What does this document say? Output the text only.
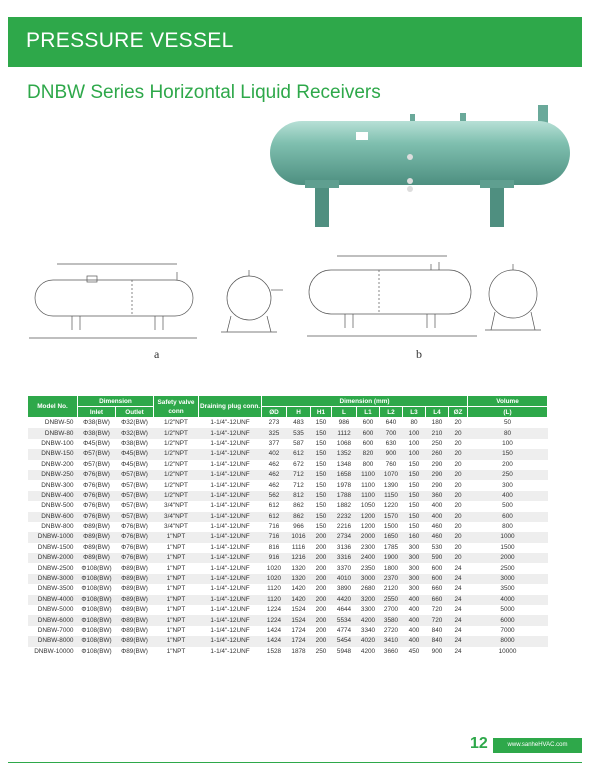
PRESSURE VESSEL
DNBW Series Horizontal Liquid Receivers
a	b
Model No.	Dimension		Safety valve conn	Draining plug conn.	Dimension (mm)									Volume
	Inlet	Outlet			ØD	H	H1	L	L1	L2	L3	L4	ØZ	(L)
DNBW-50	Φ38(BW)	Φ32(BW)	1/2"NPT	1-1/4"-12UNF	273	483	150	986	600	640	80	180	20	50
DNBW-80	Φ38(BW)	Φ32(BW)	1/2"NPT	1-1/4"-12UNF	325	535	150	1112	600	700	100	210	20	80
DNBW-100	Φ45(BW)	Φ38(BW)	1/2"NPT	1-1/4"-12UNF	377	587	150	1068	600	630	100	250	20	100
DNBW-150	Φ57(BW)	Φ45(BW)	1/2"NPT	1-1/4"-12UNF	402	612	150	1352	820	900	100	260	20	150
DNBW-200	Φ57(BW)	Φ45(BW)	1/2"NPT	1-1/4"-12UNF	462	672	150	1348	800	760	150	290	20	200
DNBW-250	Φ76(BW)	Φ57(BW)	1/2"NPT	1-1/4"-12UNF	462	712	150	1658	1100	1070	150	290	20	250
DNBW-300	Φ76(BW)	Φ57(BW)	1/2"NPT	1-1/4"-12UNF	462	712	150	1978	1100	1390	150	290	20	300
DNBW-400	Φ76(BW)	Φ57(BW)	1/2"NPT	1-1/4"-12UNF	562	812	150	1788	1100	1150	150	360	20	400
DNBW-500	Φ76(BW)	Φ57(BW)	3/4"NPT	1-1/4"-12UNF	612	862	150	1882	1050	1220	150	400	20	500
DNBW-600	Φ76(BW)	Φ57(BW)	3/4"NPT	1-1/4"-12UNF	612	862	150	2232	1200	1570	150	400	20	600
DNBW-800	Φ89(BW)	Φ76(BW)	3/4"NPT	1-1/4"-12UNF	716	966	150	2216	1200	1500	150	460	20	800
DNBW-1000	Φ89(BW)	Φ76(BW)	1"NPT	1-1/4"-12UNF	716	1016	200	2734	2000	1650	160	460	20	1000
DNBW-1500	Φ89(BW)	Φ76(BW)	1"NPT	1-1/4"-12UNF	816	1116	200	3136	2300	1785	300	530	20	1500
DNBW-2000	Φ89(BW)	Φ76(BW)	1"NPT	1-1/4"-12UNF	916	1216	200	3316	2400	1900	300	590	20	2000
DNBW-2500	Φ108(BW)	Φ89(BW)	1"NPT	1-1/4"-12UNF	1020	1320	200	3370	2350	1800	300	600	24	2500
DNBW-3000	Φ108(BW)	Φ89(BW)	1"NPT	1-1/4"-12UNF	1020	1320	200	4010	3000	2370	300	600	24	3000
DNBW-3500	Φ108(BW)	Φ89(BW)	1"NPT	1-1/4"-12UNF	1120	1420	200	3890	2680	2120	300	660	24	3500
DNBW-4000	Φ108(BW)	Φ89(BW)	1"NPT	1-1/4"-12UNF	1120	1420	200	4420	3200	2550	400	660	24	4000
DNBW-5000	Φ108(BW)	Φ89(BW)	1"NPT	1-1/4"-12UNF	1224	1524	200	4644	3300	2700	400	720	24	5000
DNBW-6000	Φ108(BW)	Φ89(BW)	1"NPT	1-1/4"-12UNF	1224	1524	200	5534	4200	3580	400	720	24	6000
DNBW-7000	Φ108(BW)	Φ89(BW)	1"NPT	1-1/4"-12UNF	1424	1724	200	4774	3340	2720	400	840	24	7000
DNBW-8000	Φ108(BW)	Φ89(BW)	1"NPT	1-1/4"-12UNF	1424	1724	200	5454	4020	3410	400	840	24	8000
DNBW-10000	Φ108(BW)	Φ89(BW)	1"NPT	1-1/4"-12UNF	1528	1878	250	5948	4200	3660	450	900	24	10000
12	www.sanheHVAC.com
